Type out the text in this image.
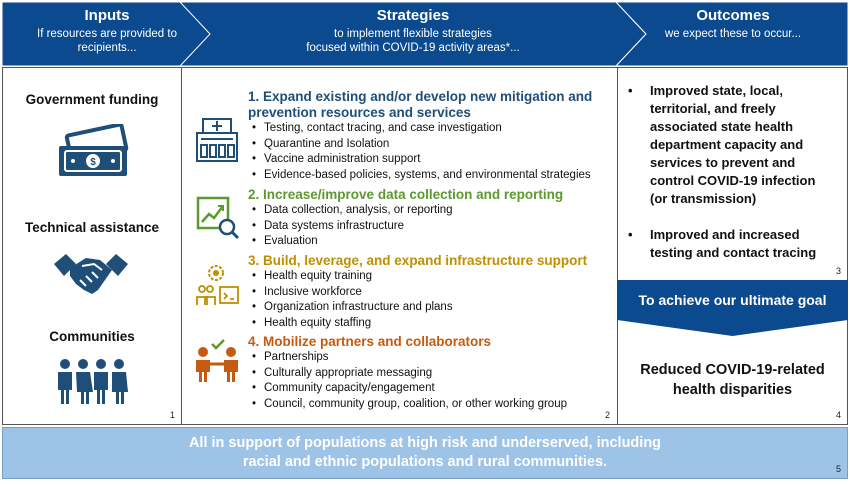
Inputs
If resources are provided to
recipients...
Strategies
to implement flexible strategies
focused within COVID-19 activity areas*...
Outcomes
we expect these to occur...
Government funding
$
Technical assistance
Communities
1
1. Expand existing and/or develop new mitigation and
prevention resources and services
• Testing, contact tracing, and case investigation
• Quarantine and Isolation
• Vaccine administration support
• Evidence-based policies, systems, and environmental strategies
2. Increase/improve data collection and reporting
• Data collection, analysis, or reporting
• Data systems infrastructure
• Evaluation
3. Build, leverage, and expand infrastructure support
• Health equity training
• Inclusive workforce
• Organization infrastructure and plans
• Health equity staffing
4. Mobilize partners and collaborators
• Partnerships
• Culturally appropriate messaging
• Community capacity/engagement
• Council, community group, coalition, or other working group
2
• Improved state, local,
territorial, and freely
associated state health
department capacity and
services to prevent and
control COVID-19 infection
(or transmission)
• Improved and increased
testing and contact tracing
3
To achieve our ultimate goal
Reduced COVID-19-related
health disparities
4
All in support of populations at high risk and underserved, including
racial and ethnic populations and rural communities.	5
